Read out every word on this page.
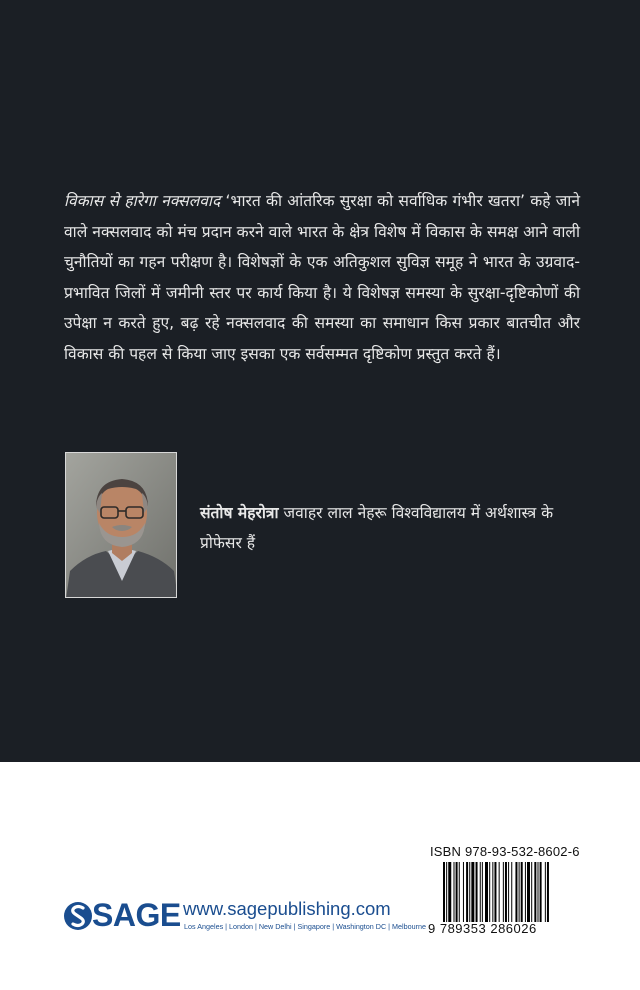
विकास से हारेगा नक्सलवाद ‘भारत की आंतरिक सुरक्षा को सर्वाधिक गंभीर खतरा’ कहे जाने वाले नक्सलवाद को मंच प्रदान करने वाले भारत के क्षेत्र विशेष में विकास के समक्ष आने वाली चुनौतियों का गहन परीक्षण है। विशेषज्ञों के एक अतिकुशल सुविज्ञ समूह ने भारत के उग्रवाद-प्रभावित जिलों में जमीनी स्तर पर कार्य किया है। ये विशेषज्ञ समस्या के सुरक्षा-दृष्टिकोणों की उपेक्षा न करते हुए, बढ़ रहे नक्सलवाद की समस्या का समाधान किस प्रकार बातचीत और विकास की पहल से किया जाए इसका एक सर्वसम्मत दृष्टिकोण प्रस्तुत करते हैं।
संतोष मेहरोत्रा जवाहर लाल नेहरू विश्वविद्यालय में अर्थशास्त्र के प्रोफेसर हैं
ISBN 978-93-532-8602-6
9 789353 286026
SAGE www.sagepublishing.com
Los Angeles | London | New Delhi | Singapore | Washington DC | Melbourne
